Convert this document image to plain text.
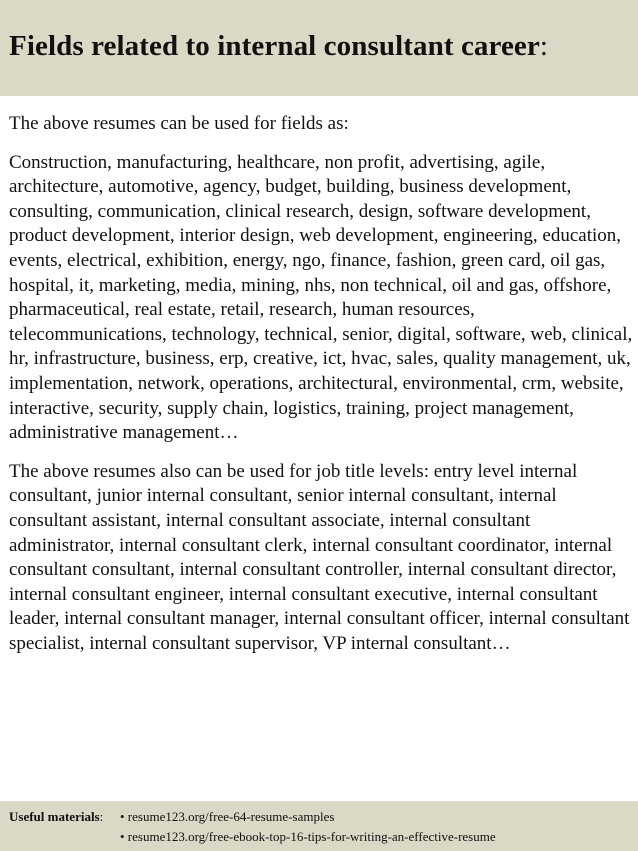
Fields related to internal consultant career:

The above resumes can be used for fields as:

Construction, manufacturing, healthcare, non profit, advertising, agile, architecture, automotive, agency, budget, building, business development, consulting, communication, clinical research, design, software development, product development, interior design, web development, engineering, education, events, electrical, exhibition, energy, ngo, finance, fashion, green card, oil gas, hospital, it, marketing, media, mining, nhs, non technical, oil and gas, offshore, pharmaceutical, real estate, retail, research, human resources, telecommunications, technology, technical, senior, digital, software, web, clinical, hr, infrastructure, business, erp, creative, ict, hvac, sales, quality management, uk, implementation, network, operations, architectural, environmental, crm, website, interactive, security, supply chain, logistics, training, project management, administrative management…

The above resumes also can be used for job title levels: entry level internal consultant, junior internal consultant, senior internal consultant, internal consultant assistant, internal consultant associate, internal consultant administrator, internal consultant clerk, internal consultant coordinator, internal consultant consultant, internal consultant controller, internal consultant director, internal consultant engineer, internal consultant executive, internal consultant leader, internal consultant manager, internal consultant officer, internal consultant specialist, internal consultant supervisor, VP internal consultant…

Useful materials:	• resume123.org/free-64-resume-samples
• resume123.org/free-ebook-top-16-tips-for-writing-an-effective-resume
